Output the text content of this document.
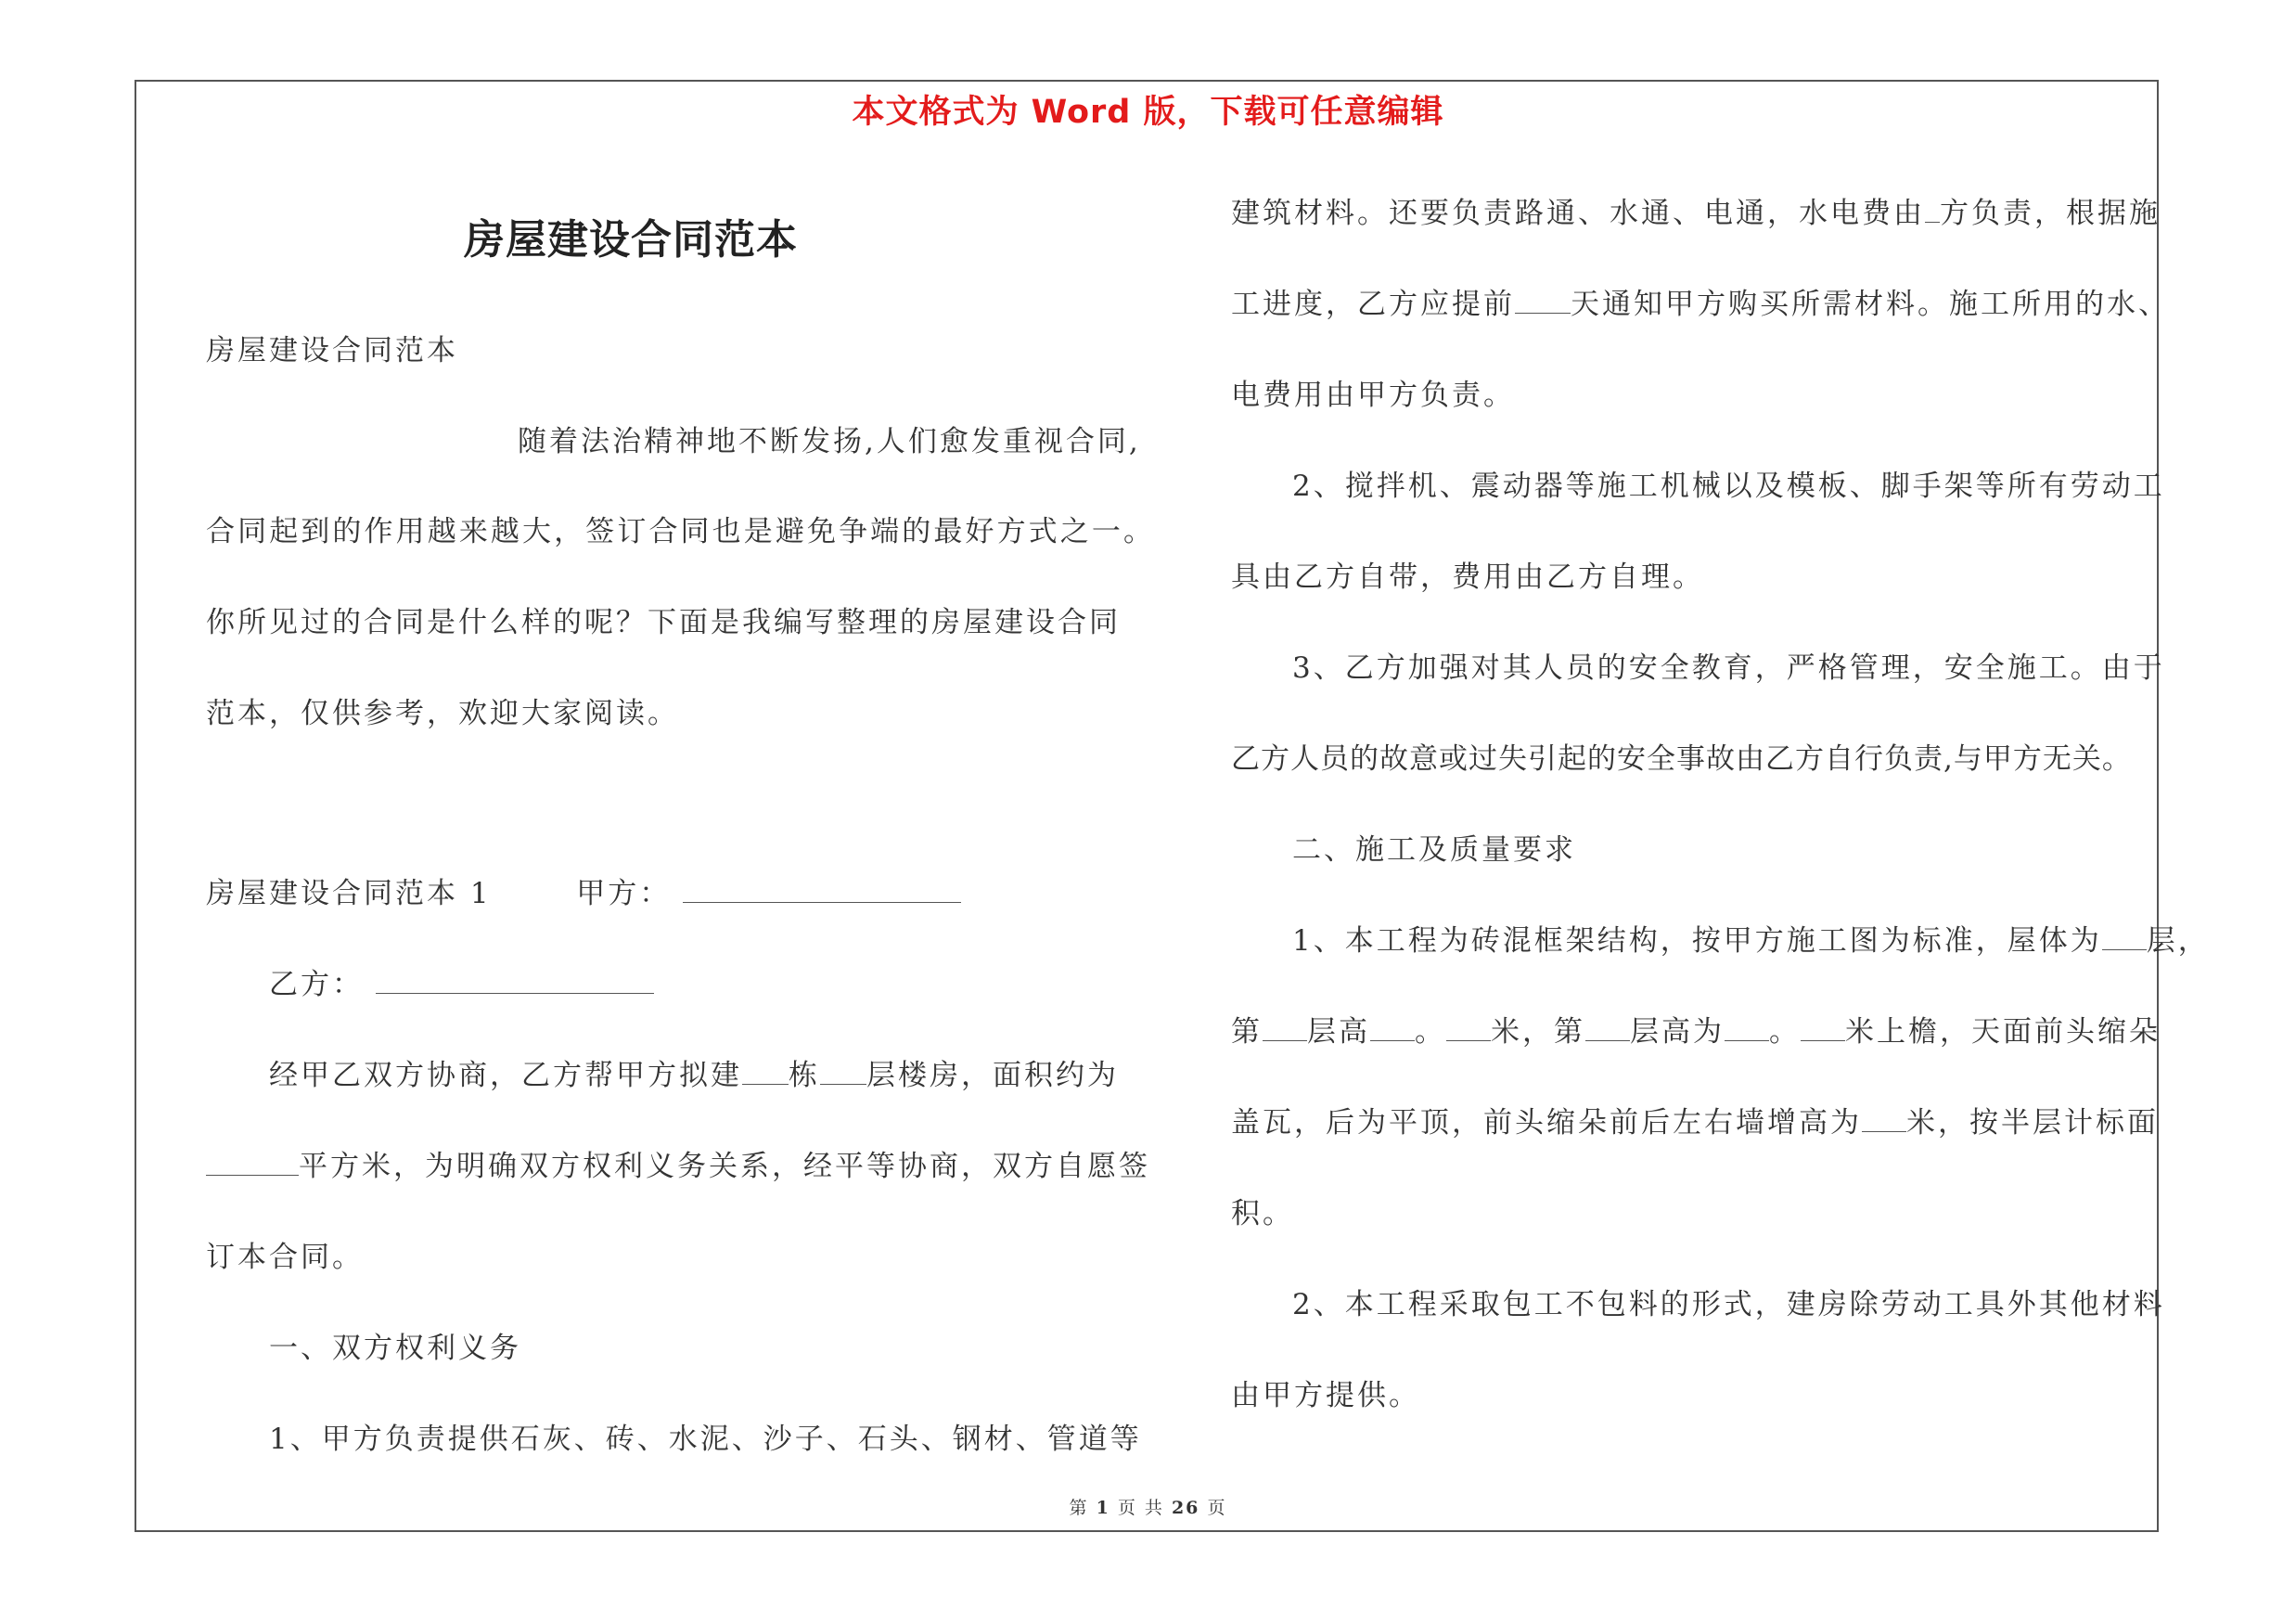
本文格式为 Word 版，下载可任意编辑
房屋建设合同范本
房屋建设合同范本
随着法治精神地不断发扬,人们愈发重视合同,
合同起到的作用越来越大，签订合同也是避免争端的最好方式之一。
你所见过的合同是什么样的呢？下面是我编写整理的房屋建设合同
范本，仅供参考，欢迎大家阅读。
房屋建设合同范本 1	甲方：
乙方：
经甲乙双方协商，乙方帮甲方拟建 栋 层楼房，面积约为
平方米，为明确双方权利义务关系，经平等协商，双方自愿签
订本合同。
一、双方权利义务
1、甲方负责提供石灰、砖、水泥、沙子、石头、钢材、管道等
建筑材料。还要负责路通、水通、电通，水电费由 方负责，根据施
工进度，乙方应提前 天通知甲方购买所需材料。施工所用的水、
电费用由甲方负责。
2、搅拌机、震动器等施工机械以及模板、脚手架等所有劳动工
具由乙方自带，费用由乙方自理。
3、乙方加强对其人员的安全教育，严格管理，安全施工。由于
乙方人员的故意或过失引起的安全事故由乙方自行负责,与甲方无关。
二、施工及质量要求
1、本工程为砖混框架结构，按甲方施工图为标准，屋体为 层，
第 层高 。 米，第 层高为 。 米上檐，天面前头缩朵
盖瓦，后为平顶，前头缩朵前后左右墙增高为 米，按半层计标面
积。
2、本工程采取包工不包料的形式，建房除劳动工具外其他材料
由甲方提供。
第 1 页 共 26 页
